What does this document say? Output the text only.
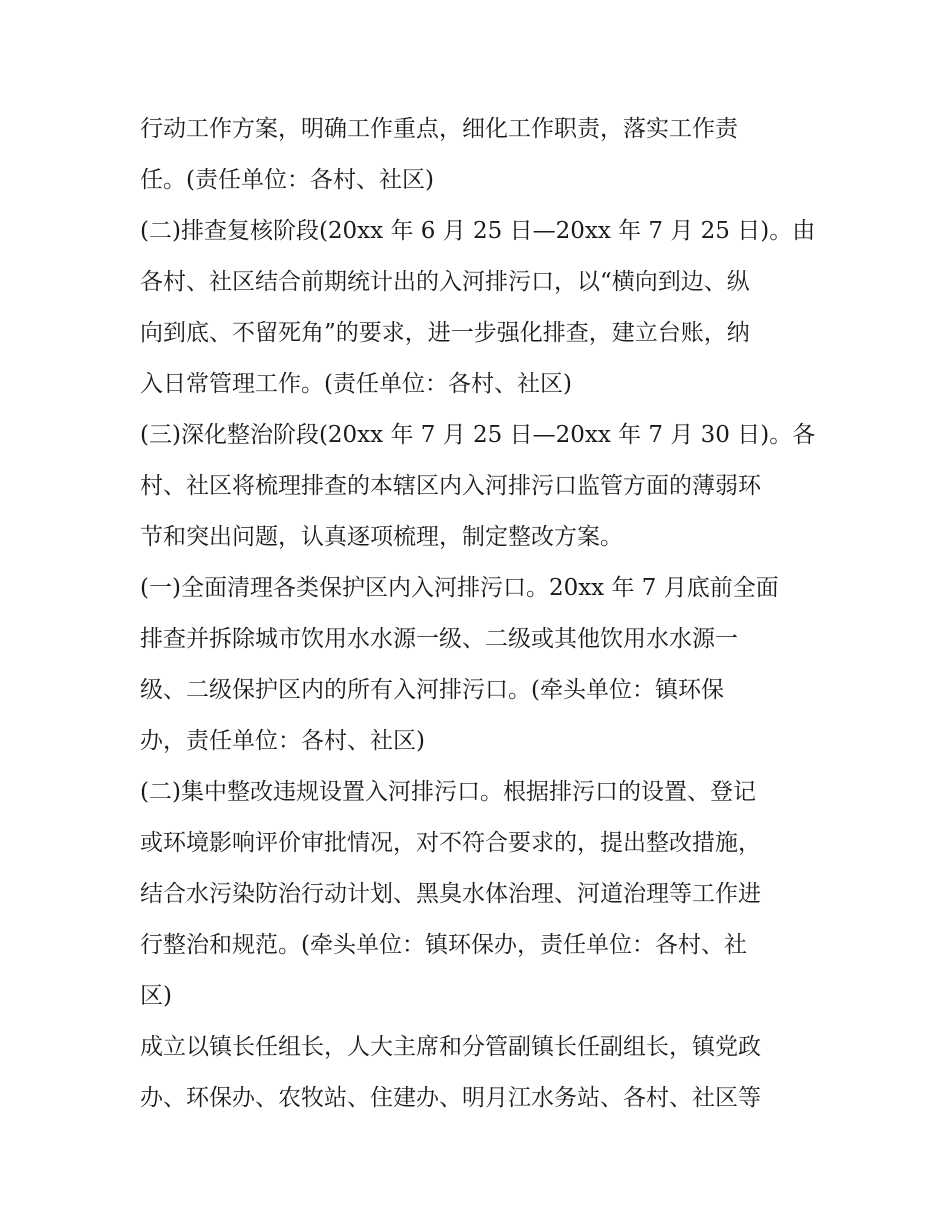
行动工作方案，明确工作重点，细化工作职责，落实工作责
任。(责任单位：各村、社区)
(二)排查复核阶段(20xx 年 6 月 25 日—20xx 年 7 月 25 日)。由
各村、社区结合前期统计出的入河排污口，以“横向到边、纵
向到底、不留死角”的要求，进一步强化排查，建立台账，纳
入日常管理工作。(责任单位：各村、社区)
(三)深化整治阶段(20xx 年 7 月 25 日—20xx 年 7 月 30 日)。各
村、社区将梳理排查的本辖区内入河排污口监管方面的薄弱环
节和突出问题，认真逐项梳理，制定整改方案。
(一)全面清理各类保护区内入河排污口。20xx 年 7 月底前全面
排查并拆除城市饮用水水源一级、二级或其他饮用水水源一
级、二级保护区内的所有入河排污口。(牵头单位：镇环保
办，责任单位：各村、社区)
(二)集中整改违规设置入河排污口。根据排污口的设置、登记
或环境影响评价审批情况，对不符合要求的，提出整改措施，
结合水污染防治行动计划、黑臭水体治理、河道治理等工作进
行整治和规范。(牵头单位：镇环保办，责任单位：各村、社
区)
成立以镇长任组长，人大主席和分管副镇长任副组长，镇党政
办、环保办、农牧站、住建办、明月江水务站、各村、社区等
